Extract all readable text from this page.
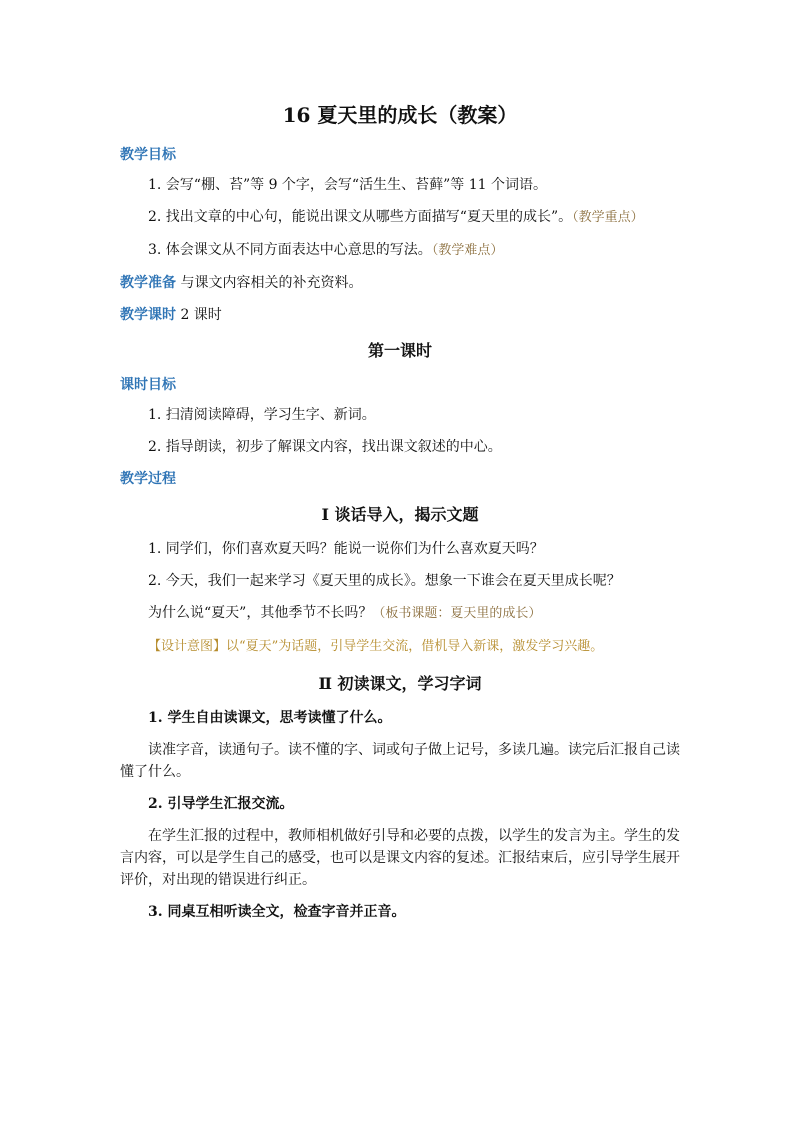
16 夏天里的成长（教案）
教学目标
1. 会写“棚、苔”等 9 个字，会写“活生生、苔藓”等 11 个词语。
2. 找出文章的中心句，能说出课文从哪些方面描写“夏天里的成长”。（教学重点）
3. 体会课文从不同方面表达中心意思的写法。（教学难点）
教学准备 与课文内容相关的补充资料。
教学课时 2 课时
第一课时
课时目标
1. 扫清阅读障碍，学习生字、新词。
2. 指导朗读，初步了解课文内容，找出课文叙述的中心。
教学过程
Ⅰ 谈话导入，揭示文题
1. 同学们，你们喜欢夏天吗？能说一说你们为什么喜欢夏天吗？
2. 今天，我们一起来学习《夏天里的成长》。想象一下谁会在夏天里成长呢？
为什么说“夏天”，其他季节不长吗？（板书课题：夏天里的成长）
【设计意图】以“夏天”为话题，引导学生交流，借机导入新课，激发学习兴趣。
Ⅱ 初读课文，学习字词
1. 学生自由读课文，思考读懂了什么。
读准字音，读通句子。读不懂的字、词或句子做上记号，多读几遍。读完后汇报自己读懂了什么。
2. 引导学生汇报交流。
在学生汇报的过程中，教师相机做好引导和必要的点拨，以学生的发言为主。学生的发言内容，可以是学生自己的感受，也可以是课文内容的复述。汇报结束后，应引导学生展开评价，对出现的错误进行纠正。
3. 同桌互相听读全文，检查字音并正音。
